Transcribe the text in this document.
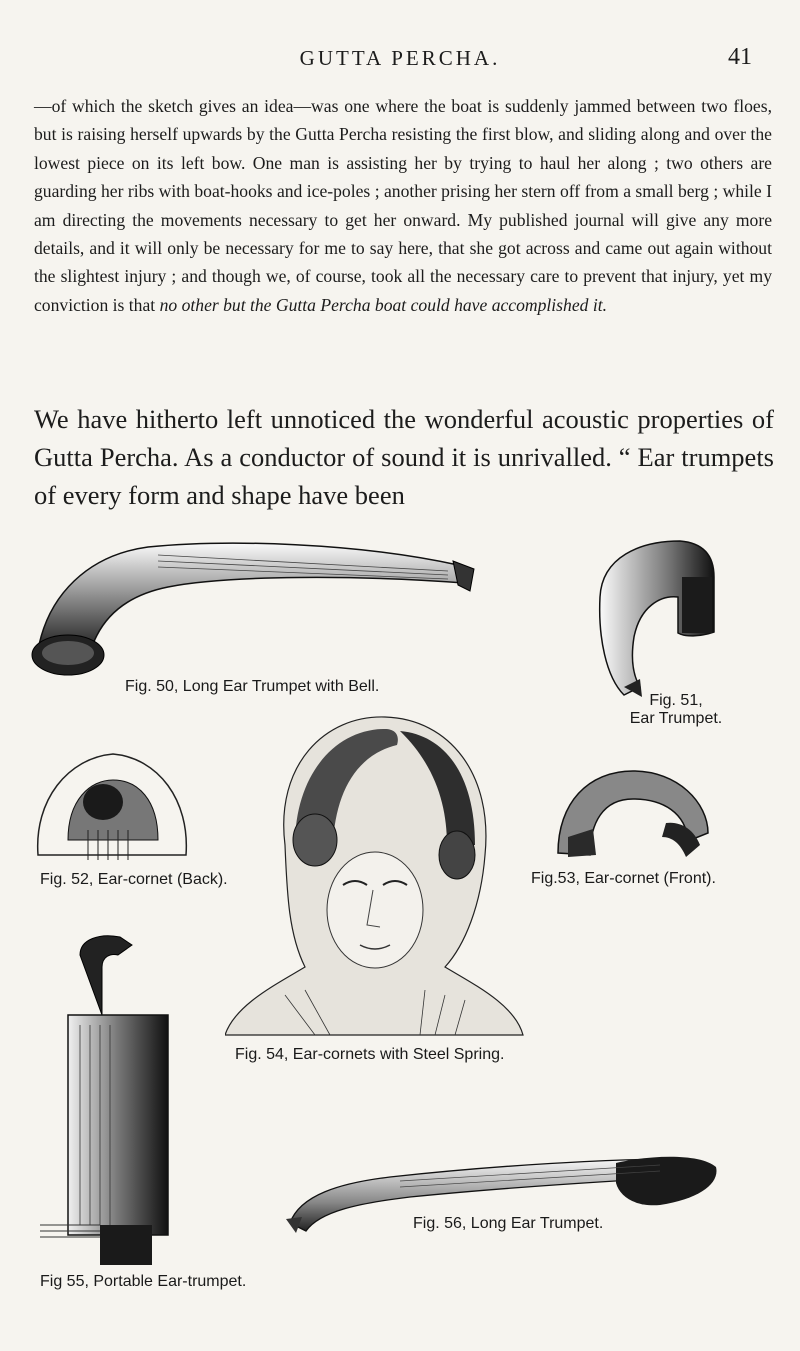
GUTTA PERCHA.	41

—of which the sketch gives an idea—was one where the boat is suddenly jammed between two floes, but is raising herself upwards by the Gutta Percha resisting the first blow, and sliding along and over the lowest piece on its left bow. One man is assisting her by trying to haul her along ; two others are guarding her ribs with boat-hooks and ice-poles ; another prising her stern off from a small berg ; while I am directing the movements necessary to get her onward. My published journal will give any more details, and it will only be necessary for me to say here, that she got across and came out again without the slightest injury ; and though we, of course, took all the necessary care to prevent that injury, yet my conviction is that no other but the Gutta Percha boat could have accomplished it.

We have hitherto left unnoticed the wonderful acoustic properties of Gutta Percha. As a conductor of sound it is unrivalled. “ Ear trumpets of every form and shape have been

Fig. 50, Long Ear Trumpet with Bell.
Fig. 51,
Ear Trumpet.
Fig. 52, Ear-cornet (Back).
Fig. 54, Ear-cornets with Steel Spring.
Fig.53, Ear-cornet (Front).
Fig 55, Portable Ear-trumpet.
Fig. 56, Long Ear Trumpet.
